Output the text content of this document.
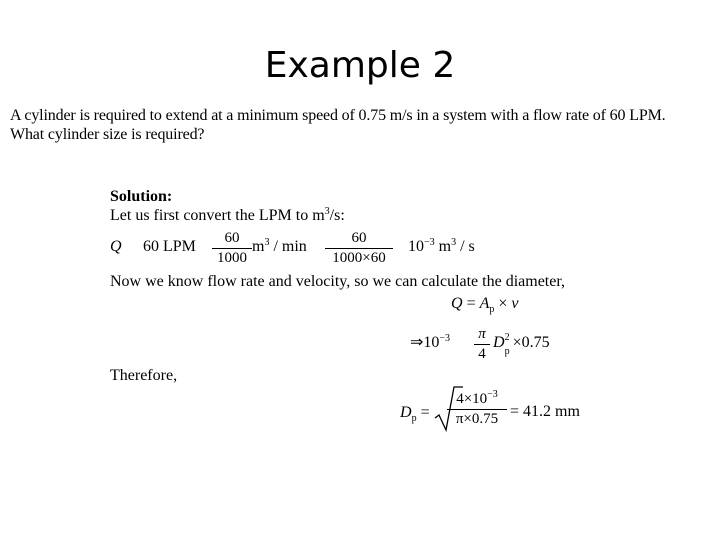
Example 2
A cylinder is required to extend at a minimum speed of 0.75 m/s in a system with a flow rate of 60 LPM.
What cylinder size is required?
Solution:
Let us first convert the LPM to $m^3/s$:
Q 60 LPM $\frac{60}{1000} m^3$ / $\min \frac{60}{1000\times 60} 10^{-3}$ $m^3$ / s
Now we know flow rate and velocity, so we can calculate the diameter,
$Q = A_p \times v$
$\Rightarrow 10^{-3} \frac{\pi}{4}$ D 2
p
×0.75
Therefore,
$D_p = \frac{4\times 10^{-3}}{\pi\times 0.75} = 41.2$ mm
